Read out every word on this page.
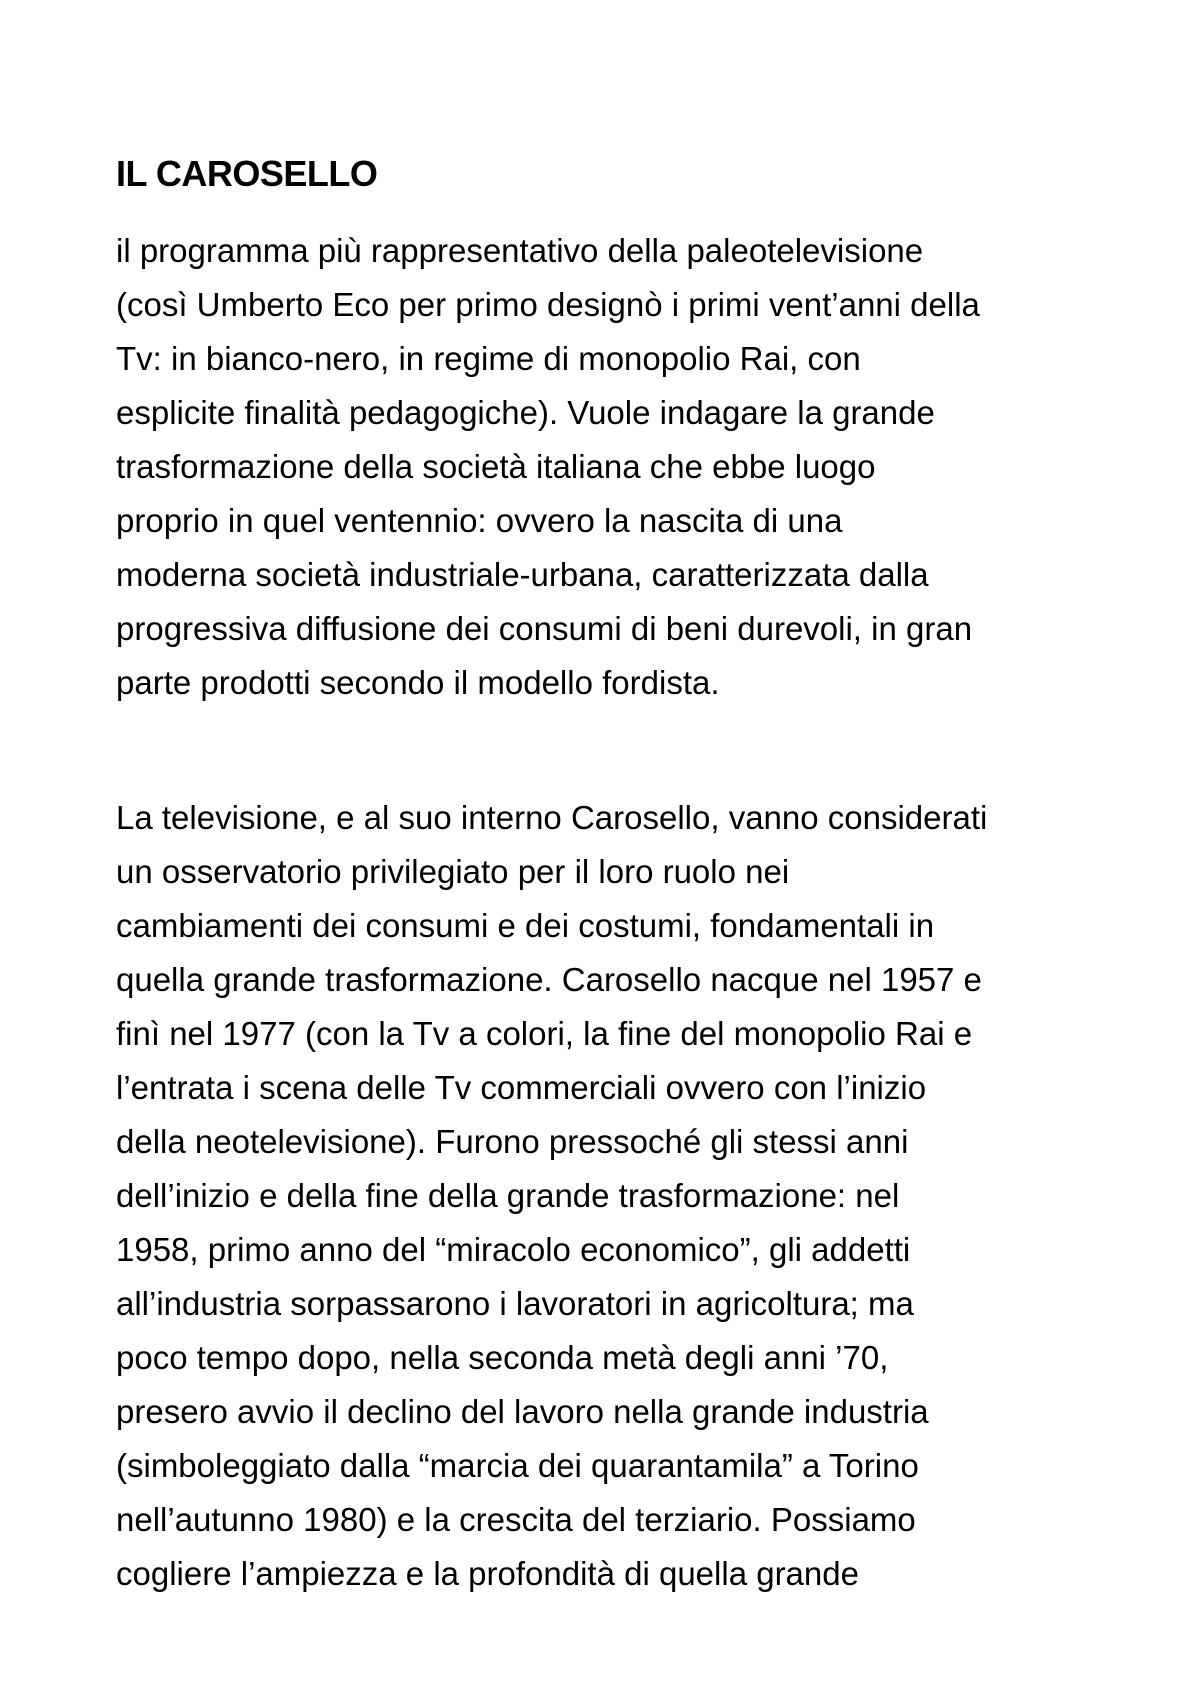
IL CAROSELLO
il programma più rappresentativo della paleotelevisione
(così Umberto Eco per primo designò i primi vent’anni della
Tv: in bianco-nero, in regime di monopolio Rai, con
esplicite finalità pedagogiche). Vuole indagare la grande
trasformazione della società italiana che ebbe luogo
proprio in quel ventennio: ovvero la nascita di una
moderna società industriale-urbana, caratterizzata dalla
progressiva diffusione dei consumi di beni durevoli, in gran
parte prodotti secondo il modello fordista.
La televisione, e al suo interno Carosello, vanno considerati
un osservatorio privilegiato per il loro ruolo nei
cambiamenti dei consumi e dei costumi, fondamentali in
quella grande trasformazione. Carosello nacque nel 1957 e
finì nel 1977 (con la Tv a colori, la fine del monopolio Rai e
l’entrata i scena delle Tv commerciali ovvero con l’inizio
della neotelevisione). Furono pressoché gli stessi anni
dell’inizio e della fine della grande trasformazione: nel
1958, primo anno del “miracolo economico”, gli addetti
all’industria sorpassarono i lavoratori in agricoltura; ma
poco tempo dopo, nella seconda metà degli anni ’70,
presero avvio il declino del lavoro nella grande industria
(simboleggiato dalla “marcia dei quarantamila” a Torino
nell’autunno 1980) e la crescita del terziario. Possiamo
cogliere l’ampiezza e la profondità di quella grande
